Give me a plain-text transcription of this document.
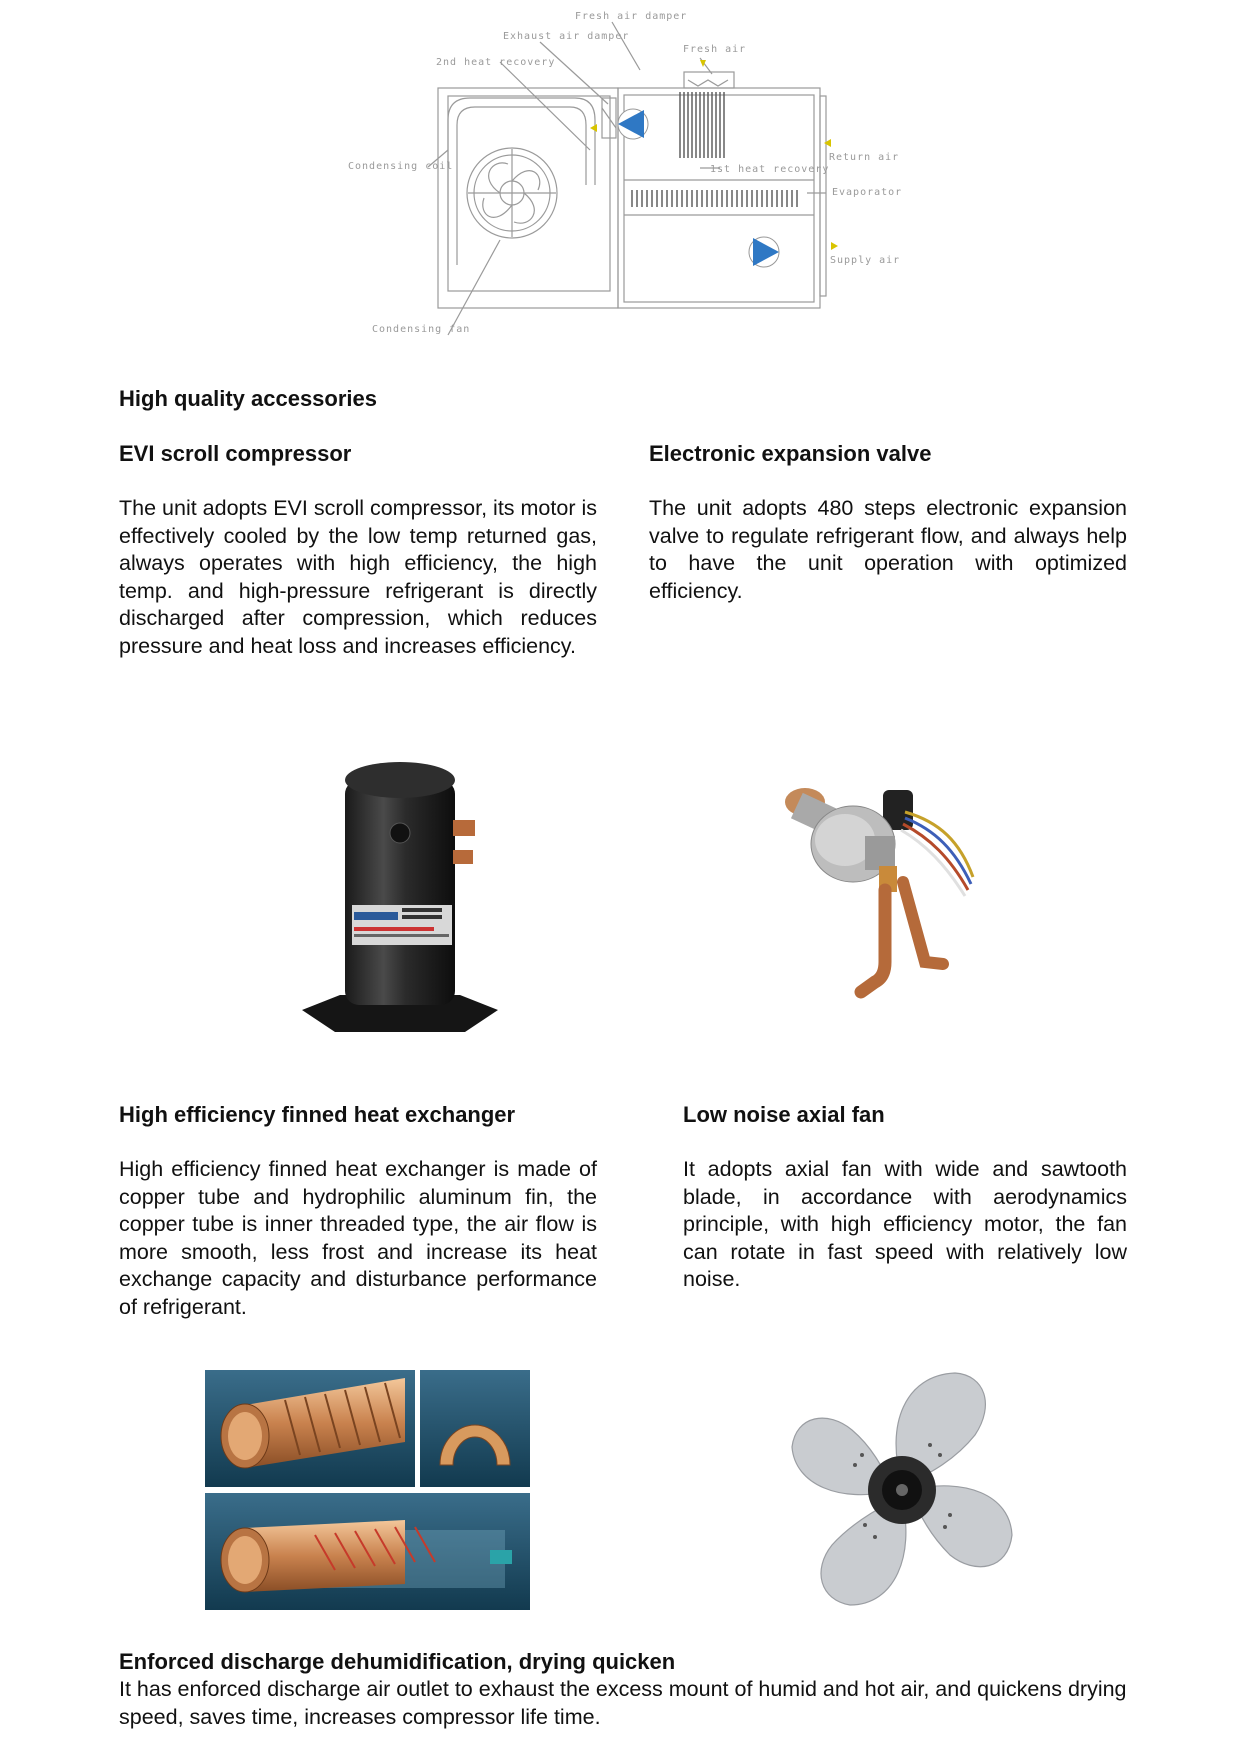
Fresh air damper
Exhaust air damper
2nd heat recovery
Fresh air
Condensing coil	1st heat recovery
Return air
Evaporator
Supply air
Condensing fan
High quality accessories
EVI scroll compressor
The unit adopts EVI scroll compressor, its motor is effectively cooled by the low temp returned gas, always operates with high efficiency, the high temp. and high-pressure refrigerant is directly discharged after compression, which reduces pressure and heat loss and increases efficiency.
Electronic expansion valve
The unit adopts 480 steps electronic expansion valve to regulate refrigerant flow, and always help to have the unit operation with optimized efficiency.
High efficiency finned heat exchanger
High efficiency finned heat exchanger is made of copper tube and hydrophilic aluminum fin, the copper tube is inner threaded type, the air flow is more smooth, less frost and increase its heat exchange capacity and disturbance performance of refrigerant.
Low noise axial fan
It adopts axial fan with wide and sawtooth blade, in accordance with aerodynamics principle, with high efficiency motor, the fan can rotate in fast speed with relatively low noise.
Enforced discharge dehumidification, drying quicken
It has enforced discharge air outlet to exhaust the excess mount of humid and hot air, and quickens drying speed, saves time, increases compressor life time.
